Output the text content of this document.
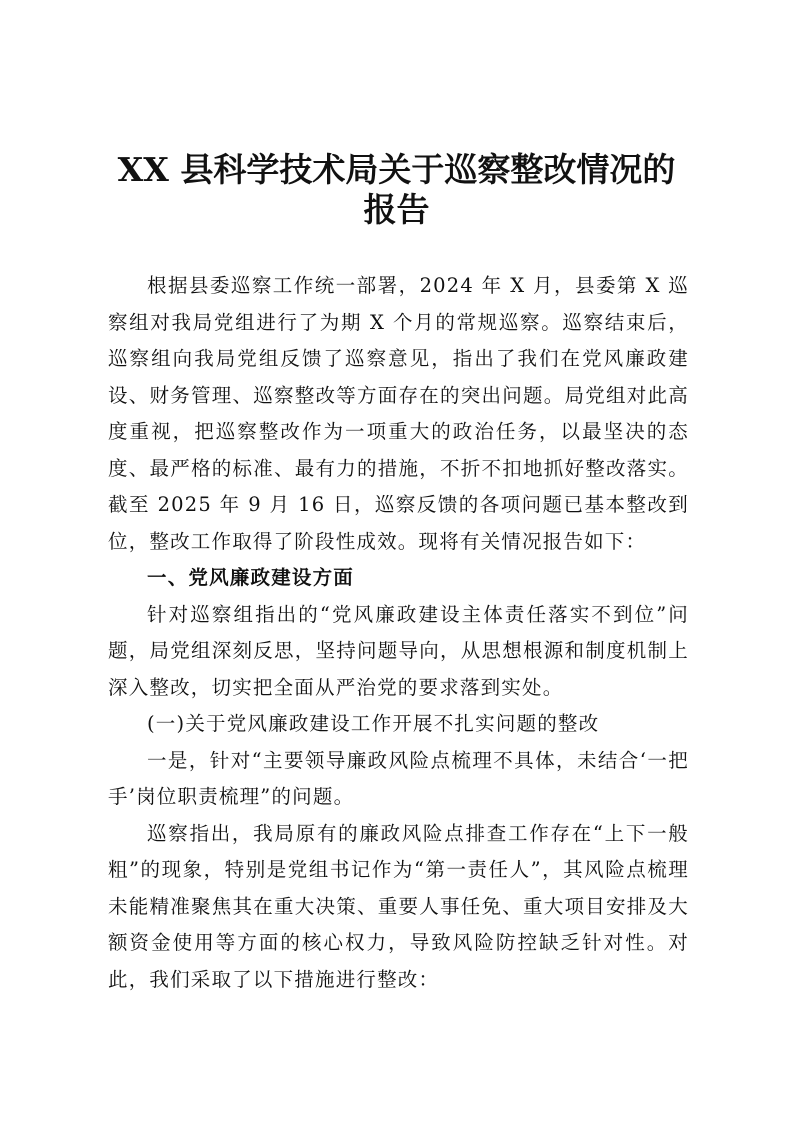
XX 县科学技术局关于巡察整改情况的
报告

根据县委巡察工作统一部署，2024 年 X 月，县委第 X 巡察组对我局党组进行了为期 X 个月的常规巡察。巡察结束后，巡察组向我局党组反馈了巡察意见，指出了我们在党风廉政建设、财务管理、巡察整改等方面存在的突出问题。局党组对此高度重视，把巡察整改作为一项重大的政治任务，以最坚决的态度、最严格的标准、最有力的措施，不折不扣地抓好整改落实。截至 2025 年 9 月 16 日，巡察反馈的各项问题已基本整改到位，整改工作取得了阶段性成效。现将有关情况报告如下：

一、党风廉政建设方面

针对巡察组指出的“党风廉政建设主体责任落实不到位”问题，局党组深刻反思，坚持问题导向，从思想根源和制度机制上深入整改，切实把全面从严治党的要求落到实处。

(一)关于党风廉政建设工作开展不扎实问题的整改

一是，针对“主要领导廉政风险点梳理不具体，未结合‘一把手’岗位职责梳理”的问题。

巡察指出，我局原有的廉政风险点排查工作存在“上下一般粗”的现象，特别是党组书记作为“第一责任人”，其风险点梳理未能精准聚焦其在重大决策、重要人事任免、重大项目安排及大额资金使用等方面的核心权力，导致风险防控缺乏针对性。对此，我们采取了以下措施进行整改：
